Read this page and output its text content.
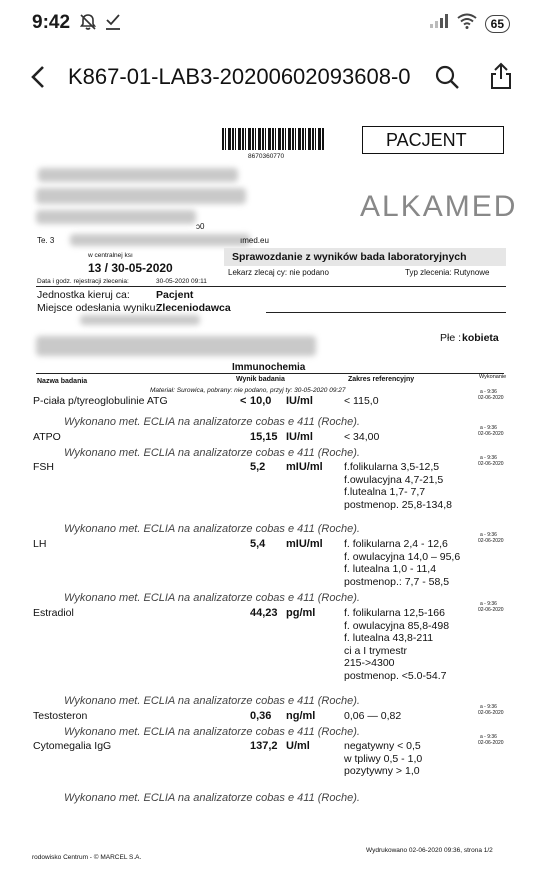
9:42	65
K867-01-LAB3-20200602093608-0
8670360770
PACJENT
ɔ0
Te. 3	ımed.eu
ALKAMED
w centralnej ksı
13 / 30-05-2020
Data i godz. rejestracji zlecenia:	30-05-2020 09:11
Sprawozdanie z wyników bada laboratoryjnych
Lekarz zlecaj cy: nie podano	Typ zlecenia: Rutynowe
Jednostka kieruj ca: Pacjent
Miejsce odesłania wyniku:
Zleceniodawca
Płe : kobieta
Immunochemia
Nazwa badania	Wynik badania	Zakres referencyjny	Wykonanie
Materiał: Surowica, pobrany: nie podano, przyj ty: 30-05-2020 09:27
P-ciała p/tyreoglobulinie ATG	< 10,0 IU/ml	< 115,0
a - 9:36
02-06-2020
Wykonano met. ECLIA na analizatorze cobas e 411 (Roche).
ATPO	15,15 IU/ml	< 34,00
a - 9:36
02-06-2020
Wykonano met. ECLIA na analizatorze cobas e 411 (Roche).
FSH	5,2 mIU/ml f.folikularna 3,5-12,5
f.owulacyjna 4,7-21,5
f.lutealna 1,7- 7,7
postmenop. 25,8-134,8
a - 9:36
02-06-2020
Wykonano met. ECLIA na analizatorze cobas e 411 (Roche).
LH	5,4 mIU/ml f. folikularna 2,4 - 12,6
f. owulacyjna 14,0 – 95,6
f. lutealna 1,0 - 11,4
postmenop.: 7,7 - 58,5
a - 9:36
02-06-2020
Wykonano met. ECLIA na analizatorze cobas e 411 (Roche).
Estradiol	44,23 pg/ml	f. folikularna 12,5-166
f. owulacyjna 85,8-498
f. lutealna 43,8-211
ci a I trymestr
215->4300
postmenop. <5.0-54.7
a - 9:36
02-06-2020
Wykonano met. ECLIA na analizatorze cobas e 411 (Roche).
Testosteron	0,36 ng/ml	0,06 — 0,82
a - 9:36
02-06-2020
Wykonano met. ECLIA na analizatorze cobas e 411 (Roche).
Cytomegalia IgG	137,2 U/ml	negatywny < 0,5
w tpliwy 0,5 - 1,0
pozytywny > 1,0
a - 9:36
02-06-2020
Wykonano met. ECLIA na analizatorze cobas e 411 (Roche).
rodowisko Centrum - © MARCEL S.A.
Wydrukowano 02-06-2020 09:36, strona 1/2
